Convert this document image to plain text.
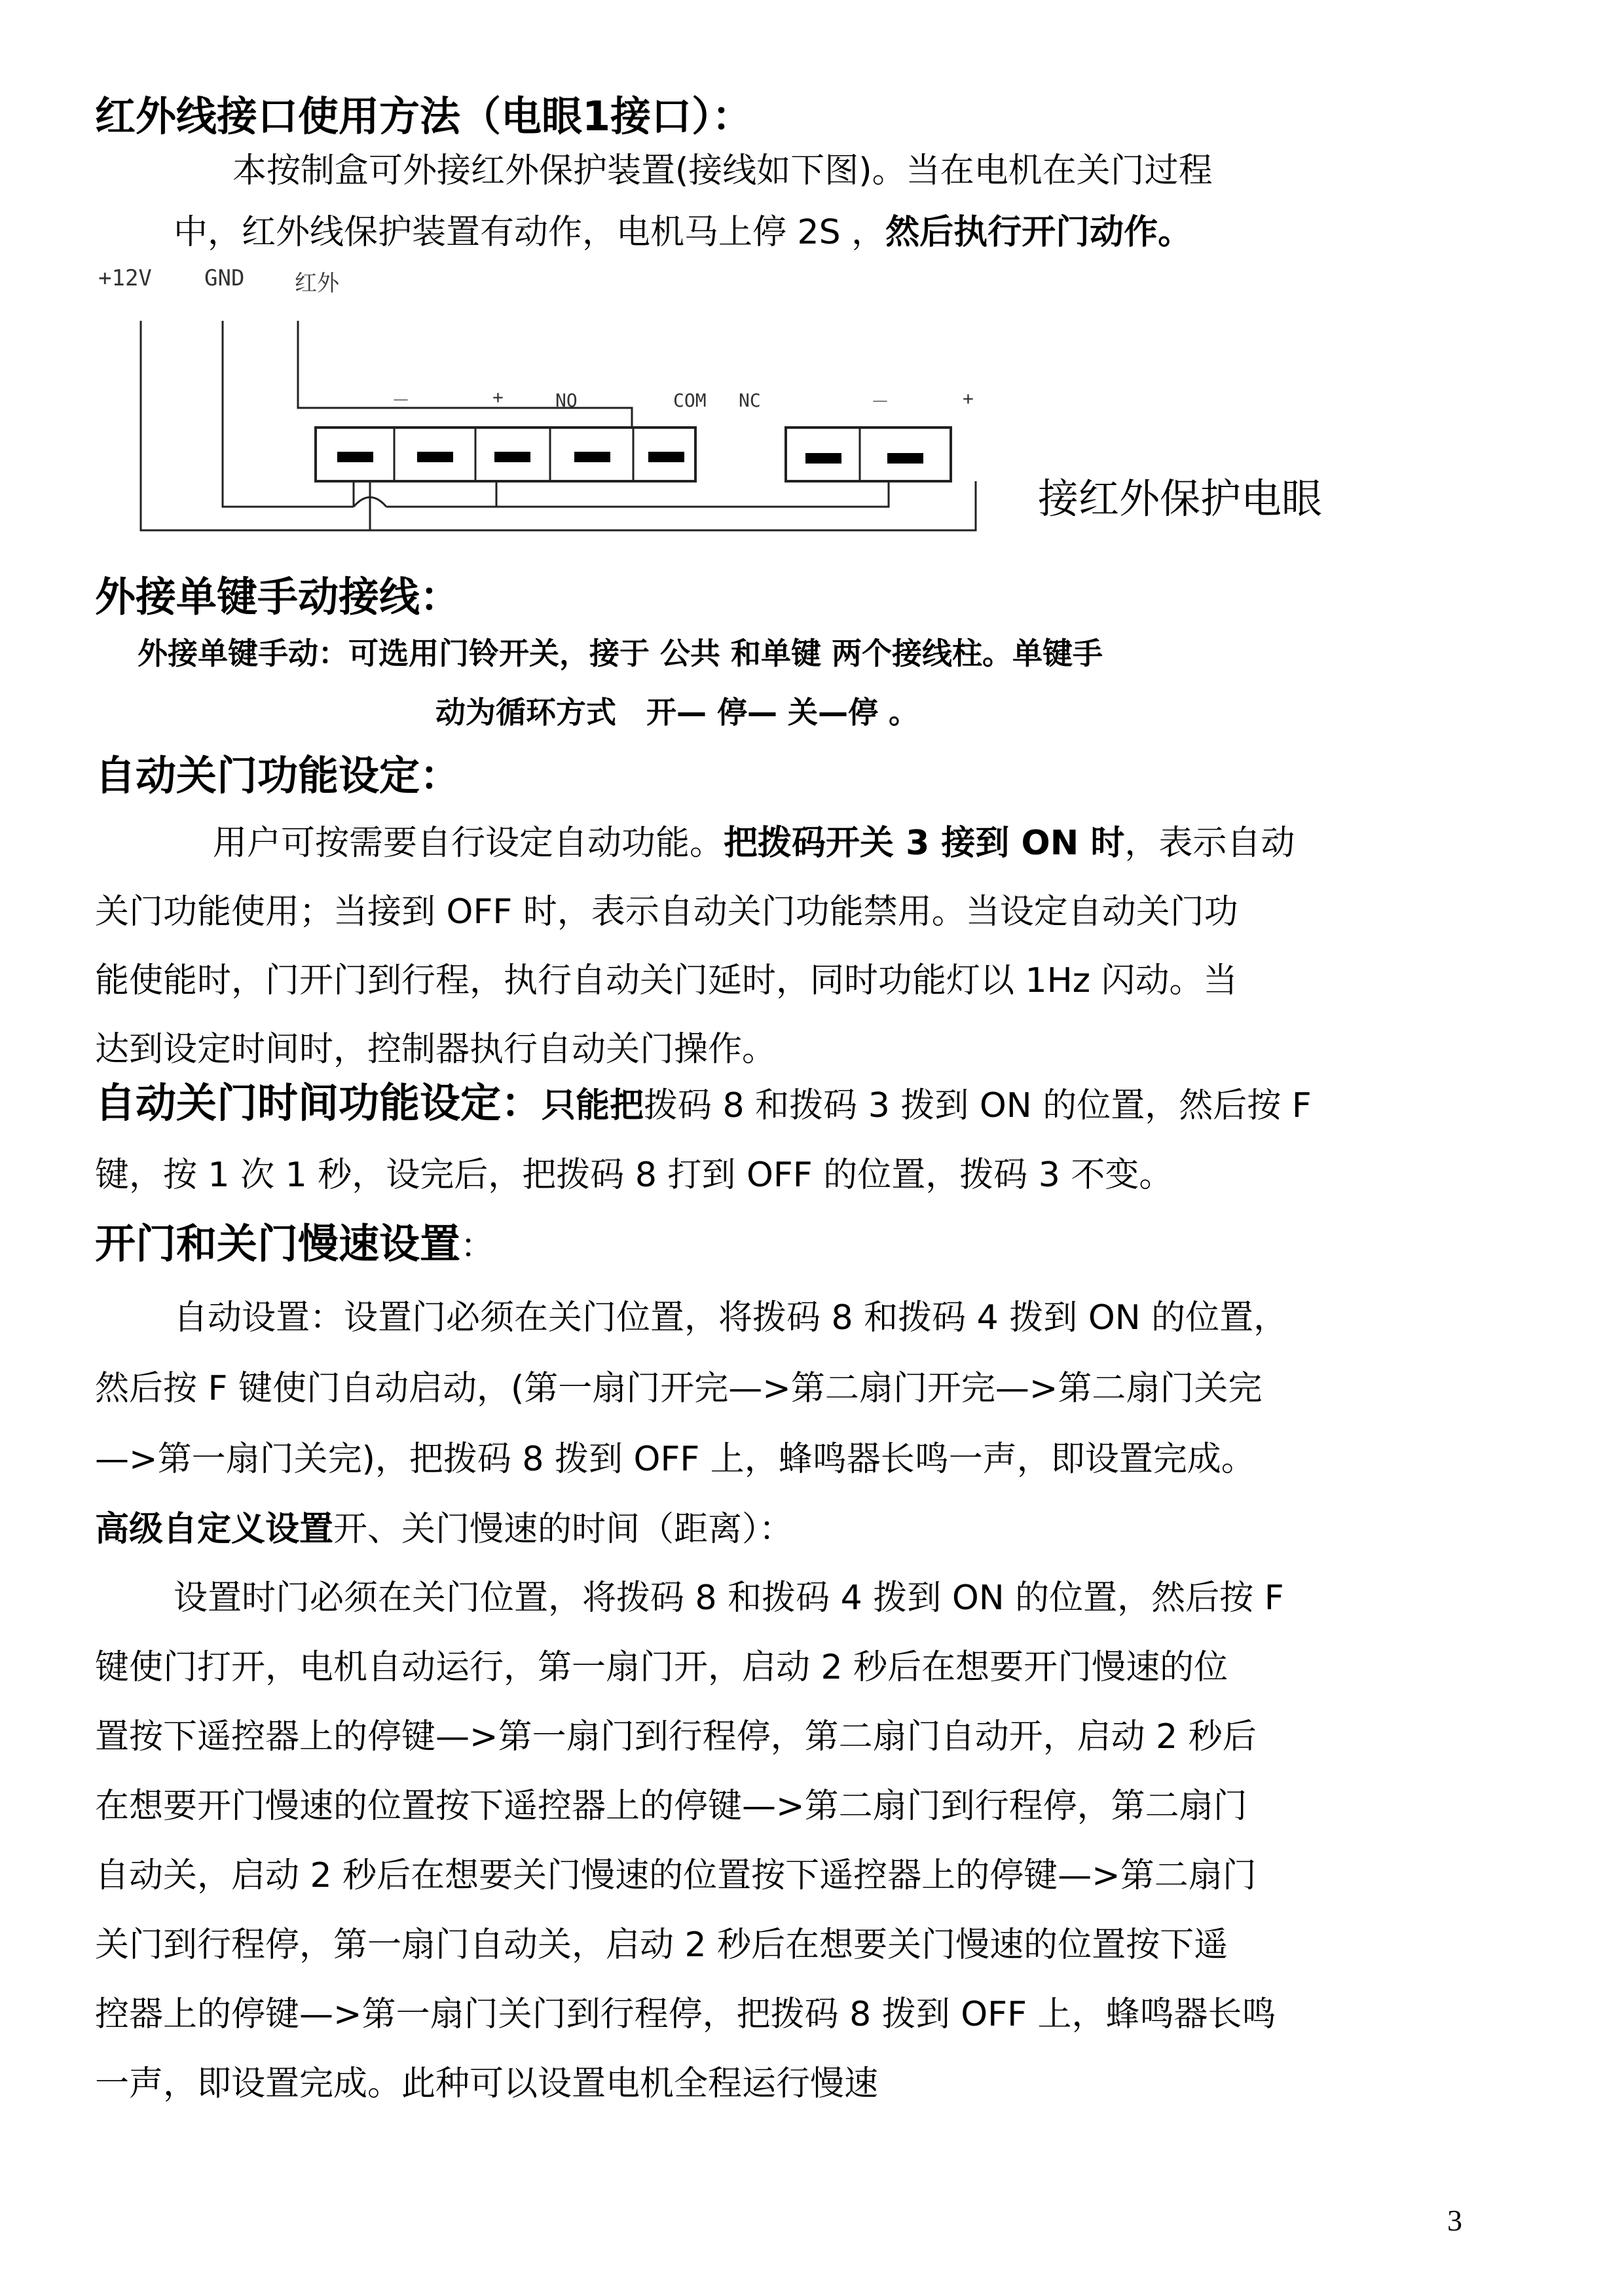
红外线接口使用方法（电眼1接口）：
本按制盒可外接红外保护装置(接线如下图)。当在电机在关门过程
中，红外线保护装置有动作，电机马上停 2S ，然后执行开门动作。
+12V GND 红外
－	+	NO	COM NC	－	+
接红外保护电眼
外接单键手动接线：
外接单键手动：可选用门铃开关，接于 公共 和单键 两个接线柱。单键手
动为循环方式　开— 停— 关—停 。
自动关门功能设定：
用户可按需要自行设定自动功能。把拨码开关 3 接到 ON 时，表示自动
关门功能使用；当接到 OFF 时，表示自动关门功能禁用。当设定自动关门功
能使能时，门开门到行程，执行自动关门延时，同时功能灯以 1Hz 闪动。当
达到设定时间时，控制器执行自动关门操作。
自动关门时间功能设定：只能把拨码 8 和拨码 3 拨到 ON 的位置，然后按 F
键，按 1 次 1 秒，设完后，把拨码 8 打到 OFF 的位置，拨码 3 不变。
开门和关门慢速设置：
自动设置：设置门必须在关门位置，将拨码 8 和拨码 4 拨到 ON 的位置，
然后按 F 键使门自动启动，(第一扇门开完—>第二扇门开完—>第二扇门关完
—>第一扇门关完)，把拨码 8 拨到 OFF 上，蜂鸣器长鸣一声，即设置完成。
高级自定义设置开、关门慢速的时间（距离）：
设置时门必须在关门位置，将拨码 8 和拨码 4 拨到 ON 的位置，然后按 F
键使门打开，电机自动运行，第一扇门开，启动 2 秒后在想要开门慢速的位
置按下遥控器上的停键—>第一扇门到行程停，第二扇门自动开，启动 2 秒后
在想要开门慢速的位置按下遥控器上的停键—>第二扇门到行程停，第二扇门
自动关，启动 2 秒后在想要关门慢速的位置按下遥控器上的停键—>第二扇门
关门到行程停，第一扇门自动关，启动 2 秒后在想要关门慢速的位置按下遥
控器上的停键—>第一扇门关门到行程停，把拨码 8 拨到 OFF 上，蜂鸣器长鸣
一声，即设置完成。此种可以设置电机全程运行慢速
3
